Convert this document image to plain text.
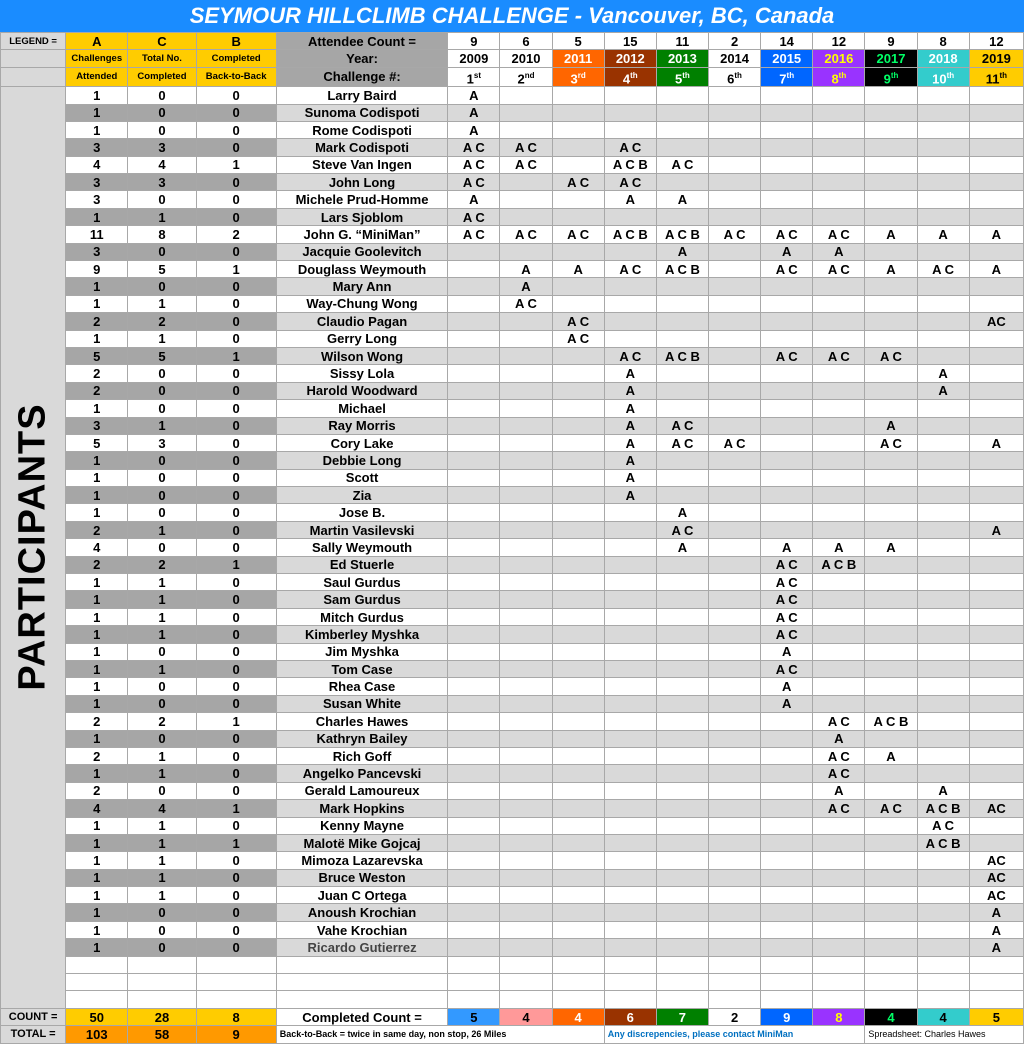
SEYMOUR HILLCLIMB CHALLENGE - Vancouver, BC, Canada
LEGEND =	A	C	B	Attendee Count =	9	6	5	15	11	2	14	12	9	8	12
	Challenges	Total No.	Completed	Year:	2009	2010	2011	2012	2013	2014	2015	2016	2017	2018	2019
	Attended	Completed	Back-to-Back	Challenge #:	1st	2nd	3rd	4th	5th	6th	7th	8th	9th	10th	11th

PARTICIPANTS	1	0	0	Larry Baird	A										
	1	0	0	Sunoma Codispoti	A										
	1	0	0	Rome Codispoti	A										
	3	3	0	Mark Codispoti	A C	A C		A C							
	4	4	1	Steve Van Ingen	A C	A C		A C B	A C						
	3	3	0	John Long	A C		A C	A C							
	3	0	0	Michele Prud-Homme	A			A	A						
	1	1	0	Lars Sjoblom	A C										
	11	8	2	John G. “MiniMan”	A C	A C	A C	A C B	A C B	A C	A C	A C	A	A	A
	3	0	0	Jacquie Goolevitch					A		A	A			
	9	5	1	Douglass Weymouth		A	A	A C	A C B		A C	A C	A	A C	A
	1	0	0	Mary Ann		A									
	1	1	0	Way-Chung Wong		A C									
	2	2	0	Claudio Pagan			A C								AC
	1	1	0	Gerry Long			A C								
	5	5	1	Wilson Wong				A C	A C B		A C	A C	A C		
	2	0	0	Sissy Lola				A						A	
	2	0	0	Harold Woodward				A						A	
	1	0	0	Michael				A							
	3	1	0	Ray Morris				A	A C				A		
	5	3	0	Cory Lake				A	A C	A C			A C		A
	1	0	0	Debbie Long				A							
	1	0	0	Scott				A							
	1	0	0	Zia				A							
	1	0	0	Jose B.					A						
	2	1	0	Martin Vasilevski					A C						A
	4	0	0	Sally Weymouth					A		A	A	A		
	2	2	1	Ed Stuerle							A C	A C B			
	1	1	0	Saul Gurdus							A C				
	1	1	0	Sam Gurdus							A C				
	1	1	0	Mitch Gurdus							A C				
	1	1	0	Kimberley Myshka							A C				
	1	0	0	Jim Myshka							A				
	1	1	0	Tom Case							A C				
	1	0	0	Rhea Case							A				
	1	0	0	Susan White							A				
	2	2	1	Charles Hawes								A C	A C B		
	1	0	0	Kathryn Bailey								A			
	2	1	0	Rich Goff								A C	A		
	1	1	0	Angelko Pancevski								A C			
	2	0	0	Gerald Lamoureux								A		A	
	4	4	1	Mark Hopkins								A C	A C	A C B	AC
	1	1	0	Kenny Mayne										A C	
	1	1	1	Malotë Mike Gojcaj										A C B	
	1	1	0	Mimoza Lazarevska											AC
	1	1	0	Bruce Weston											AC
	1	1	0	Juan C Ortega											AC
	1	0	0	Anoush Krochian											A
	1	0	0	Vahe Krochian											A
	1	0	0	Ricardo Gutierrez											A

COUNT =	50	28	8	Completed Count =	5	4	4	6	7	2	9	8	4	4	5
TOTAL =	103	58	9	Back-to-Back = twice in same day, non stop, 26 Miles				Any discrepencies, please contact MiniMan					Spreadsheet: Charles Hawes		
